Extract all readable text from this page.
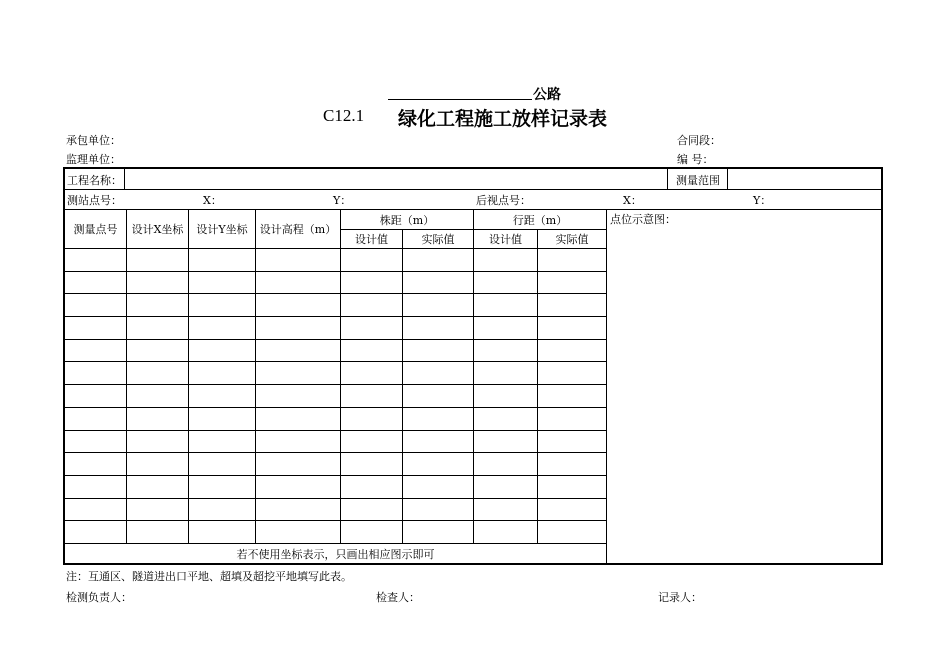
公路
C12.1 绿化工程施工放样记录表
承包单位：	合同段：
监理单位：	编 号：
工程名称：	测量范围
测站点号：	X：	Y：	后视点号：	X：	Y：
测量点号	设计X坐标	设计Y坐标	设计高程（m）
株距（m）	行距（m）
设计值	实际值	设计值	实际值
点位示意图：
若不使用坐标表示，只画出相应图示即可
注：互通区、隧道进出口平地、超填及超挖平地填写此表。
检测负责人：	检查人：	记录人：
